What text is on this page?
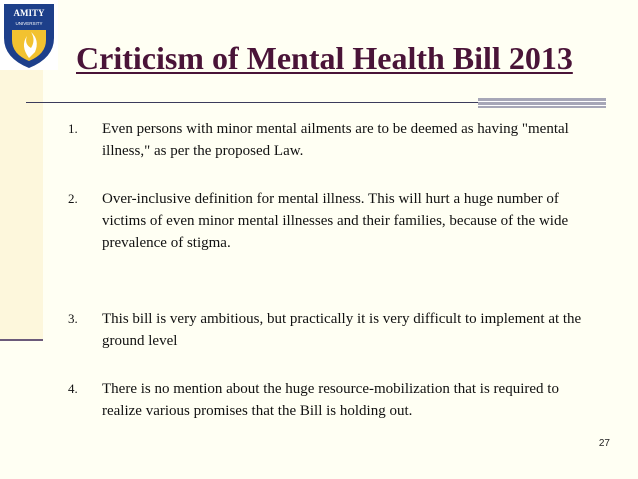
AMITY
UNIVERSITY
Criticism of Mental Health Bill 2013
1. Even persons with minor mental ailments are to be deemed as having "mental illness," as per the proposed Law.
2. Over-inclusive definition for mental illness. This will hurt a huge number of victims of even minor mental illnesses and their families, because of the wide prevalence of stigma.
3. This bill is very ambitious, but practically it is very difficult to implement at the ground level
4. There is no mention about the huge resource-mobilization that is required to realize various promises that the Bill is holding out.
27
